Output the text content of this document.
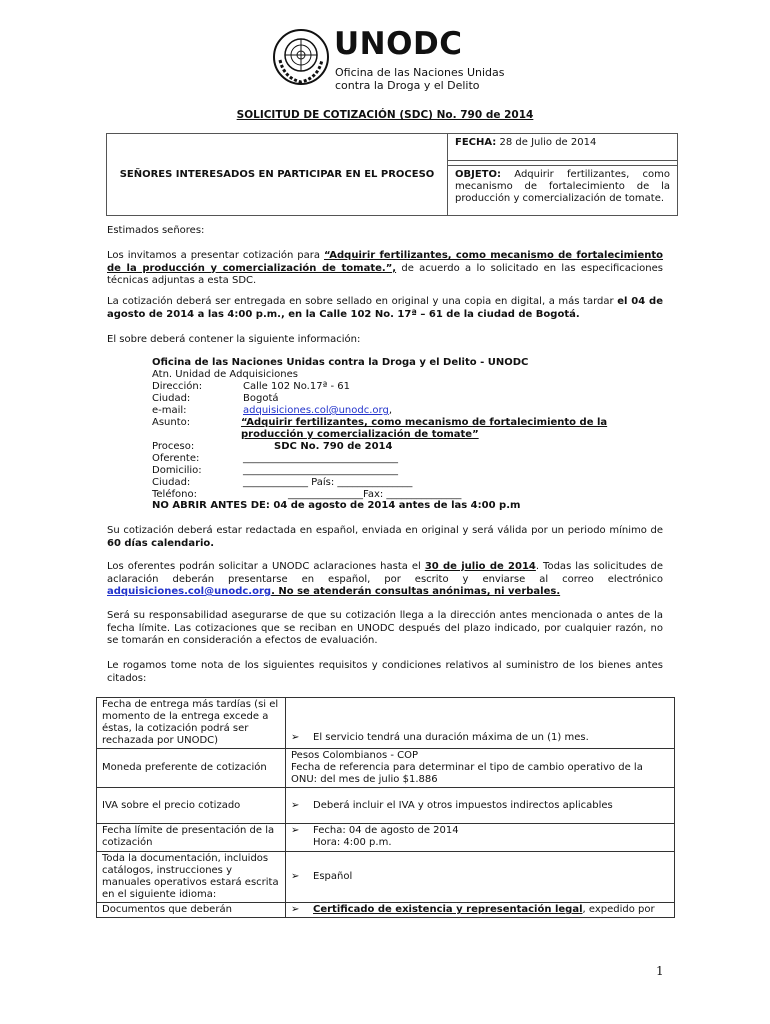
UNODC
Oficina de las Naciones Unidas
contra la Droga y el Delito
SOLICITUD DE COTIZACIÓN (SDC) No. 790 de 2014
SEÑORES INTERESADOS EN PARTICIPAR EN EL PROCESO
FECHA: 28 de Julio de 2014
OBJETO: Adquirir fertilizantes, como mecanismo de fortalecimiento de la producción y comercialización de tomate.
Estimados señores:
Los invitamos a presentar cotización para “Adquirir fertilizantes, como mecanismo de fortalecimiento de la producción y comercialización de tomate.”, de acuerdo a lo solicitado en las especificaciones técnicas adjuntas a esta SDC.
La cotización deberá ser entregada en sobre sellado en original y una copia en digital, a más tardar el 04 de agosto de 2014 a las 4:00 p.m., en la Calle 102 No. 17ª – 61 de la ciudad de Bogotá.
El sobre deberá contener la siguiente información:
Oficina de las Naciones Unidas contra la Droga y el Delito - UNODC
Atn. Unidad de Adquisiciones
Dirección:	Calle 102 No.17ª - 61
Ciudad:	Bogotá
e-mail:	adquisiciones.col@unodc.org,
Asunto:	“Adquirir fertilizantes, como mecanismo de fortalecimiento de la
producción y comercialización de tomate”
Proceso:	SDC No. 790 de 2014
Oferente:	_______________________________
Domicilio:	_______________________________
Ciudad:	_____________ País: _______________
Teléfono:	_______________Fax: _______________
NO ABRIR ANTES DE: 04 de agosto de 2014 antes de las 4:00 p.m
Su cotización deberá estar redactada en español, enviada en original y será válida por un periodo mínimo de 60 días calendario.
Los oferentes podrán solicitar a UNODC aclaraciones hasta el 30 de julio de 2014. Todas las solicitudes de aclaración deberán presentarse en español, por escrito y enviarse al correo electrónico adquisiciones.col@unodc.org. No se atenderán consultas anónimas, ni verbales.
Será su responsabilidad asegurarse de que su cotización llega a la dirección antes mencionada o antes de la fecha límite. Las cotizaciones que se reciban en UNODC después del plazo indicado, por cualquier razón, no se tomarán en consideración a efectos de evaluación.
Le rogamos tome nota de los siguientes requisitos y condiciones relativos al suministro de los bienes antes citados:
Fecha de entrega más tardías (si el momento de la entrega excede a éstas, la cotización podrá ser rechazada por UNODC)	➢ El servicio tendrá una duración máxima de un (1) mes.
Moneda preferente de cotización	Pesos Colombianos - COP
Fecha de referencia para determinar el tipo de cambio operativo de la ONU: del mes de julio $1.886

IVA sobre el precio cotizado	➢ Deberá incluir el IVA y otros impuestos indirectos aplicables
Fecha límite de presentación de la cotización	➢ Fecha: 04 de agosto de 2014
Hora: 4:00 p.m.

Toda la documentación, incluidos catálogos, instrucciones y manuales operativos estará escrita en el siguiente idioma:	➢ Español
Documentos que deberán	➢ Certificado de existencia y representación legal, expedido por
1
